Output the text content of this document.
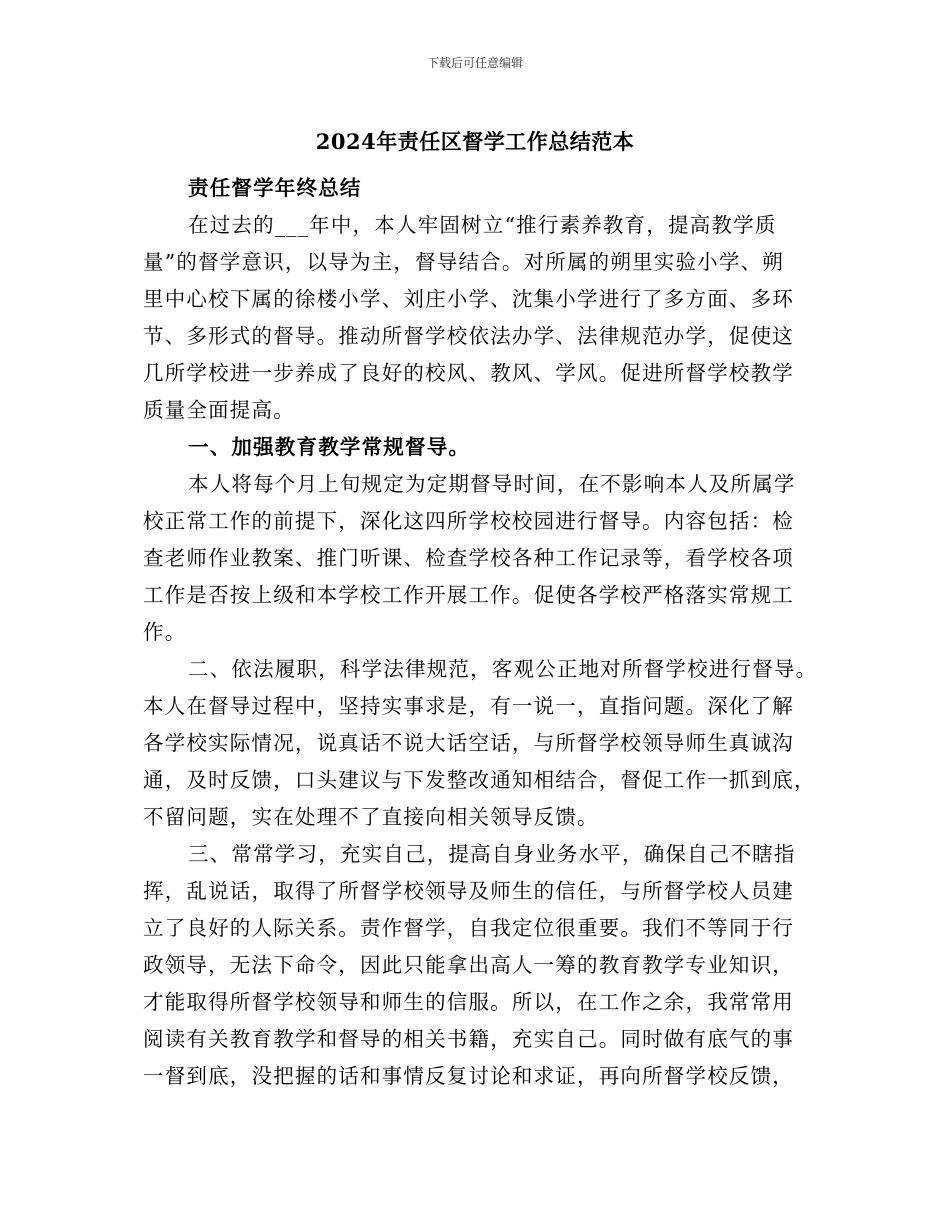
下载后可任意编辑
2024年责任区督学工作总结范本
责任督学年终总结
在过去的___年中，本人牢固树立“推行素养教育，提高教学质
量”的督学意识，以导为主，督导结合。对所属的朔里实验小学、朔
里中心校下属的徐楼小学、刘庄小学、沈集小学进行了多方面、多环
节、多形式的督导。推动所督学校依法办学、法律规范办学，促使这
几所学校进一步养成了良好的校风、教风、学风。促进所督学校教学
质量全面提高。
一、加强教育教学常规督导。
本人将每个月上旬规定为定期督导时间，在不影响本人及所属学
校正常工作的前提下，深化这四所学校校园进行督导。内容包括：检
查老师作业教案、推门听课、检查学校各种工作记录等，看学校各项
工作是否按上级和本学校工作开展工作。促使各学校严格落实常规工
作。
二、依法履职，科学法律规范，客观公正地对所督学校进行督导。
本人在督导过程中，坚持实事求是，有一说一，直指问题。深化了解
各学校实际情况，说真话不说大话空话，与所督学校领导师生真诚沟
通，及时反馈，口头建议与下发整改通知相结合，督促工作一抓到底，
不留问题，实在处理不了直接向相关领导反馈。
三、常常学习，充实自己，提高自身业务水平，确保自己不瞎指
挥，乱说话，取得了所督学校领导及师生的信任，与所督学校人员建
立了良好的人际关系。责作督学，自我定位很重要。我们不等同于行
政领导，无法下命令，因此只能拿出高人一筹的教育教学专业知识，
才能取得所督学校领导和师生的信服。所以，在工作之余，我常常用
阅读有关教育教学和督导的相关书籍，充实自己。同时做有底气的事
一督到底，没把握的话和事情反复讨论和求证，再向所督学校反馈，
